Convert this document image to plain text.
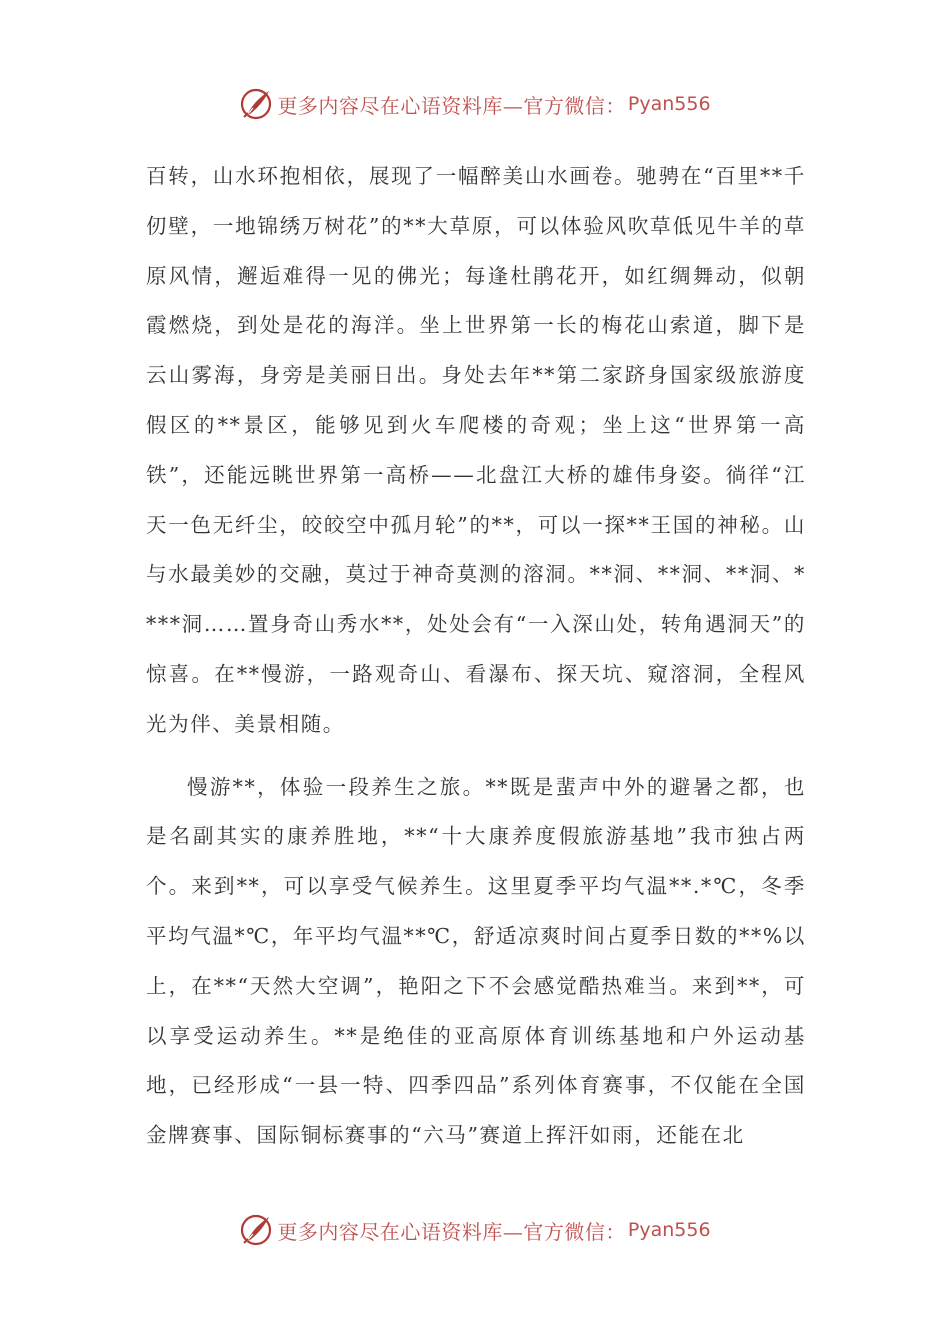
更多内容尽在心语资料库—官方微信： Pyan556

百转，山水环抱相依，展现了一幅醉美山水画卷。驰骋在“百里**千仞壁，一地锦绣万树花”的**大草原，可以体验风吹草低见牛羊的草原风情，邂逅难得一见的佛光；每逢杜鹃花开，如红绸舞动，似朝霞燃烧，到处是花的海洋。坐上世界第一长的梅花山索道，脚下是云山雾海，身旁是美丽日出。身处去年**第二家跻身国家级旅游度假区的**景区，能够见到火车爬楼的奇观；坐上这“世界第一高铁”，还能远眺世界第一高桥——北盘江大桥的雄伟身姿。徜徉“江天一色无纤尘，皎皎空中孤月轮”的**，可以一探**王国的神秘。山与水最美妙的交融，莫过于神奇莫测的溶洞。**洞、**洞、**洞、****洞……置身奇山秀水**，处处会有“一入深山处，转角遇洞天”的惊喜。在**慢游，一路观奇山、看瀑布、探天坑、窥溶洞，全程风光为伴、美景相随。

慢游**，体验一段养生之旅。**既是蜚声中外的避暑之都，也是名副其实的康养胜地，**“十大康养度假旅游基地”我市独占两个。来到**，可以享受气候养生。这里夏季平均气温**.*℃，冬季平均气温*℃，年平均气温**℃，舒适凉爽时间占夏季日数的**%以上，在**“天然大空调”，艳阳之下不会感觉酷热难当。来到**，可以享受运动养生。**是绝佳的亚高原体育训练基地和户外运动基地，已经形成“一县一特、四季四品”系列体育赛事，不仅能在全国金牌赛事、国际铜标赛事的“六马”赛道上挥汗如雨，还能在北

更多内容尽在心语资料库—官方微信： Pyan556
